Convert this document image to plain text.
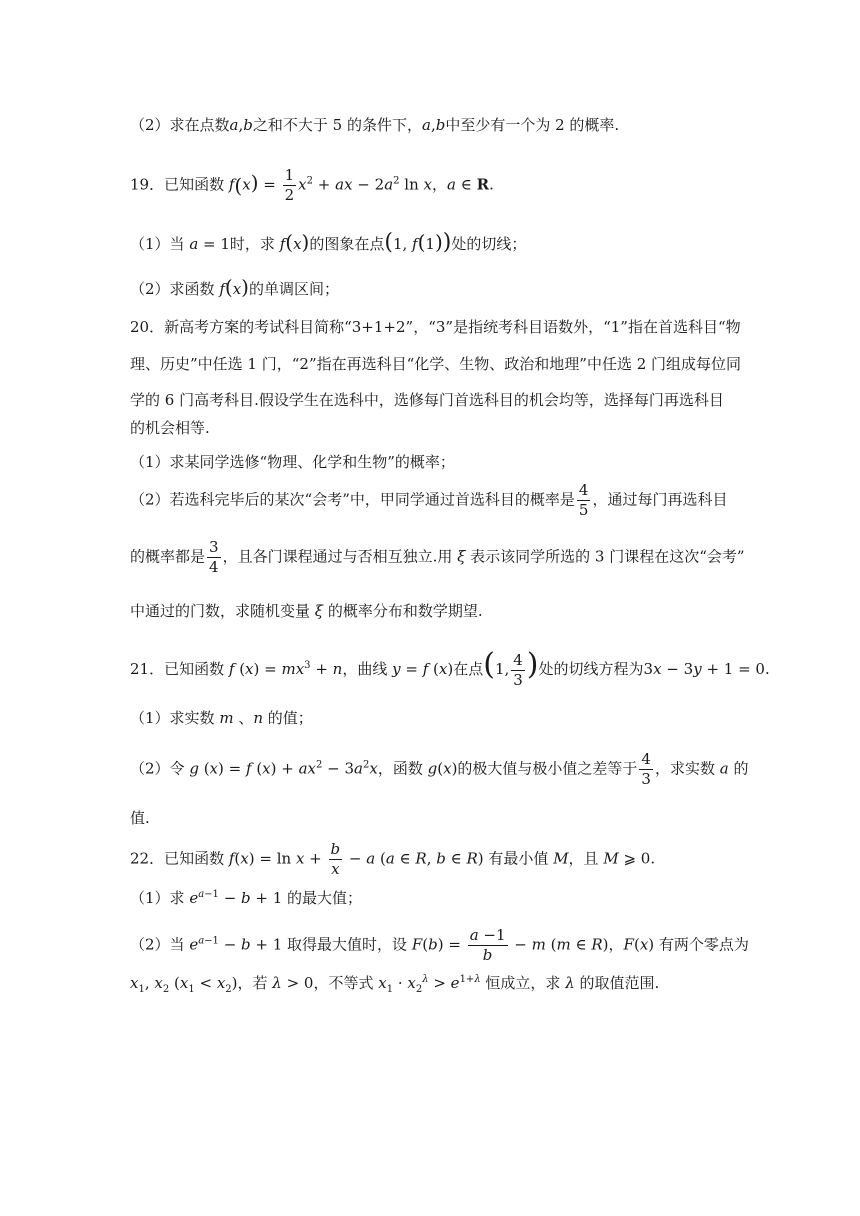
（2）求在点数a,b之和不大于 5 的条件下，a,b中至少有一个为 2 的概率.
19．已知函数 $f(x) = \frac{1}{2} x^2$ + ax − $2a^2$ ln x，a ∈ R.
（1）当 a = 1时，求 f(x)的图象在点(1, f(1))处的切线；
（2）求函数 f(x)的单调区间；
20．新高考方案的考试科目简称“3+1+2”，“3”是指统考科目语数外，“1”指在首选科目“物
理、历史”中任选 1 门，“2”指在再选科目“化学、生物、政治和地理”中任选 2 门组成每位同
学的 6 门高考科目.假设学生在选科中，选修每门首选科目的机会均等，选择每门再选科目
的机会相等.
（1）求某同学选修“物理、化学和生物”的概率；
（2）若选科完毕后的某次“会考”中，甲同学通过首选科目的概率是 $\frac{4}{5}$ ，通过每门再选科目
的概率都是 $\frac{3}{4}$ ，且各门课程通过与否相互独立.用 ξ 表示该同学所选的 3 门课程在这次“会考”
中通过的门数，求随机变量 ξ 的概率分布和数学期望.
21．已知函数 f $(x) = mx^3 + n$，曲线 y = f (x)在点(1, $\frac{4}{3}$ )处的切线方程为3x − 3y + 1 = 0.
（1）求实数 m 、n 的值；
（2）令 g (x) = f $(x) + ax^2 - 3a^2x$，函数 g(x)的极大值与极小值之差等于 $\frac{4}{3}$ ，求实数 a 的
值.
22．已知函数 $f(x) = \ln x + \frac{b}{x} - a$ (a ∈ R, b ∈ R) 有最小值 M，且 M ⩾ 0.
（1）求 $e^{a-1} - b + 1$ 的最大值；
（2）当 $e^{a-1} - b + 1$ 取得最大值时，设 $F(b) = \frac{a -1}{b} - m$ (m ∈ R)，F(x) 有两个零点为
$x_1$, $x_2$ $(x_1 < x_2)$，若 λ > 0，不等式 $x_1 \cdot x_2^\lambda > e^{1+\lambda}$ 恒成立，求 λ 的取值范围.
